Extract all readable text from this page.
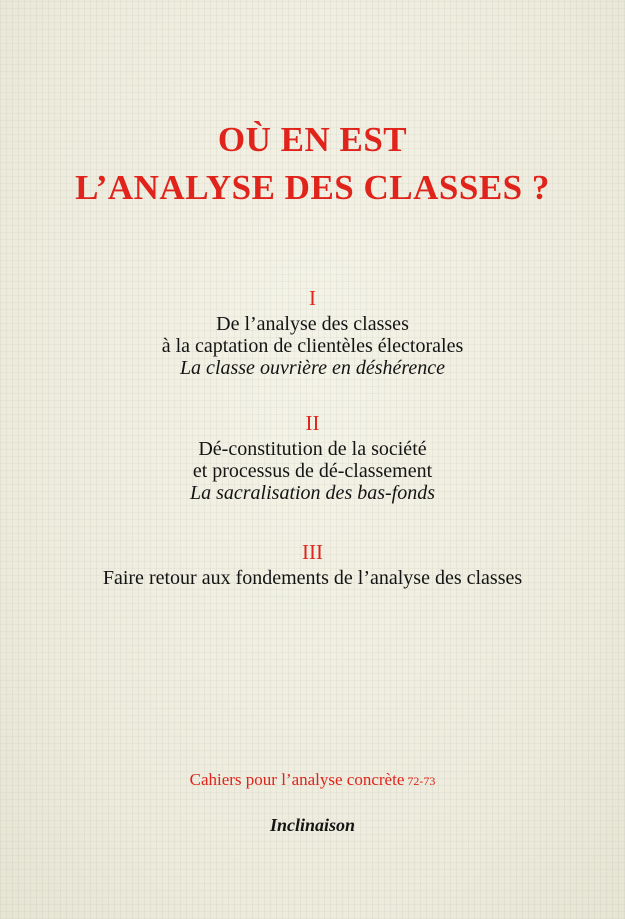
OÙ EN EST
L’ANALYSE DES CLASSES ?
I
De l’analyse des classes
à la captation de clientèles électorales
La classe ouvrière en déshérence
II
Dé-constitution de la société
et processus de dé-classement
La sacralisation des bas-fonds
III
Faire retour aux fondements de l’analyse des classes
Cahiers pour l’analyse concrète 72-73
Inclinaison
